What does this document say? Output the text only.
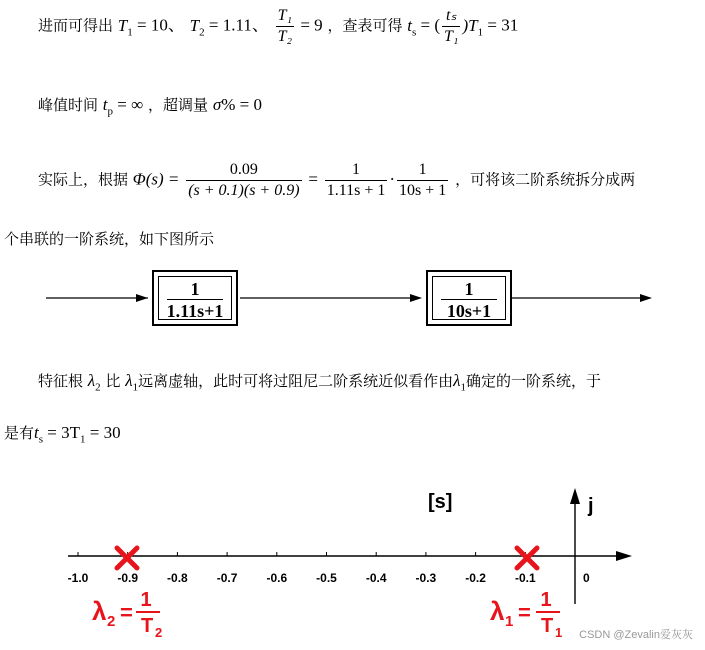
进而可得出 $T_1 = 10$、 $T_2 = 1.11$、 $\frac{\text{T₁}}{\text{T₂}} = 9$ ，查表可得 $t_s$ = ( $\frac{\text{tₛ}}{\text{T₁}} )T_1 = 31$
峰值时间 $t_p$ = ∞ ，超调量 σ% = 0
实际上，根据 $\Phi(s) = \frac{0.09}{(s + 0.1)(s + 0.9)} = \frac{1}{1.11s + 1} \cdot \frac{1}{10s + 1}$ ，可将该二阶系统拆分成两
个串联的一阶系统，如下图所示
$\frac{1}{1.11s+1}$	$\frac{1}{10s+1}$
特征根 $\lambda_2$ 比 $\lambda_1$远离虚轴，此时可将过阻尼二阶系统近似看作由$\lambda_1$确定的一阶系统，于
是有$t_s = 3T_1 = 30$
j
[s]
-1.0 -0.9 -0.8 -0.7 -0.6 -0.5 -0.4 -0.3 -0.2 -0.1	0
λ 2 = 1
T 2
λ 1 = 1
T 1 CSDN @Zevalin爱灰灰
